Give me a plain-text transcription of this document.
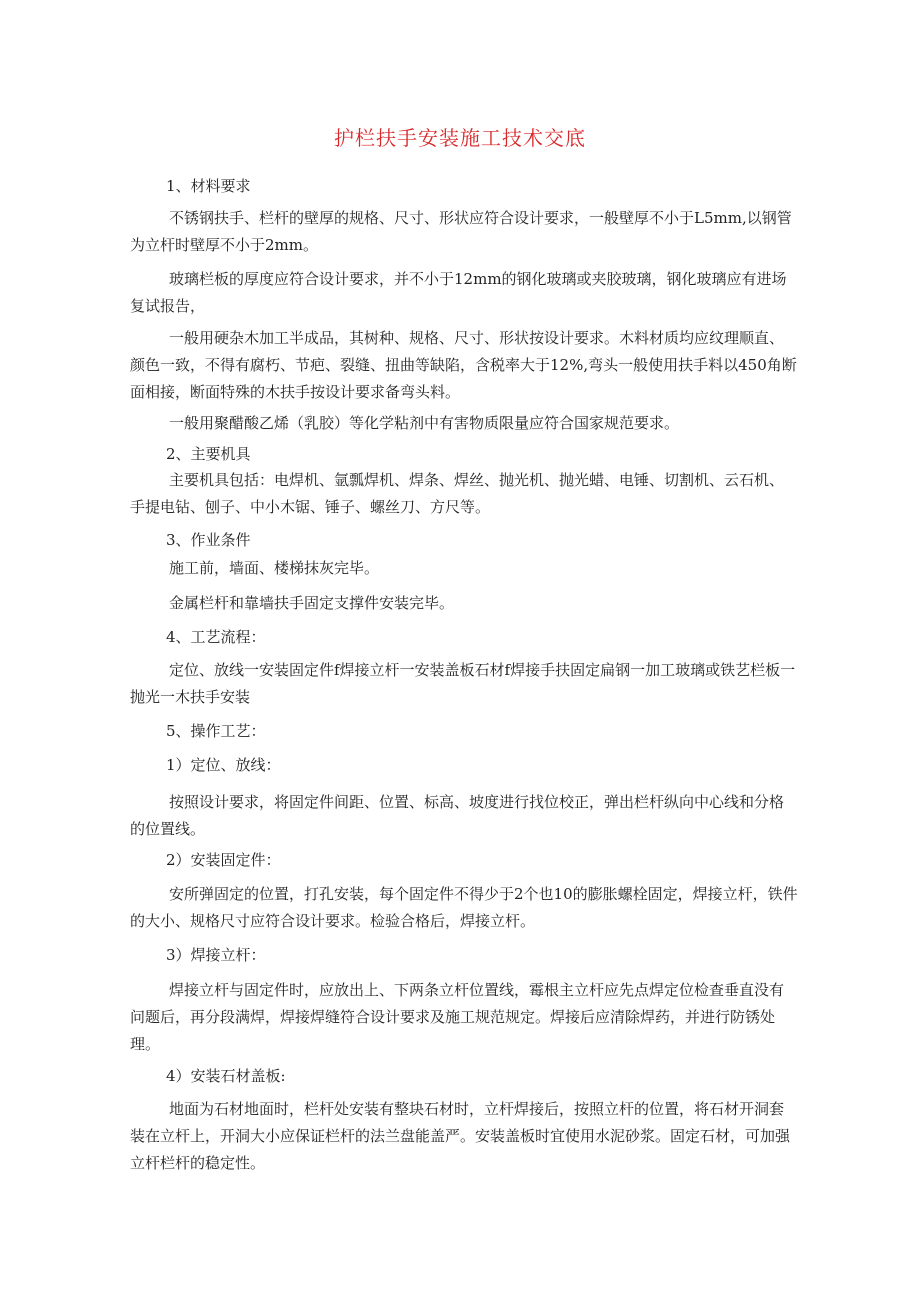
护栏扶手安装施工技术交底

1、材料要求

不锈钢扶手、栏杆的壁厚的规格、尺寸、形状应符合设计要求，一般壁厚不小于L5mm,以钢管为立杆时壁厚不小于2mm。

玻璃栏板的厚度应符合设计要求，并不小于12mm的钢化玻璃或夹胶玻璃，钢化玻璃应有进场复试报告，

一般用硬杂木加工半成品，其树种、规格、尺寸、形状按设计要求。木料材质均应纹理顺直、颜色一致，不得有腐朽、节疤、裂缝、扭曲等缺陷，含税率大于12%,弯头一般使用扶手料以450角断面相接，断面特殊的木扶手按设计要求备弯头料。

一般用聚醋酸乙烯（乳胶）等化学粘剂中有害物质限量应符合国家规范要求。

2、主要机具

主要机具包括：电焊机、氩瓢焊机、焊条、焊丝、抛光机、抛光蜡、电锤、切割机、云石机、手提电钻、刨子、中小木锯、锤子、螺丝刀、方尺等。

3、作业条件

施工前，墙面、楼梯抹灰完毕。

金属栏杆和靠墙扶手固定支撑件安装完毕。

4、工艺流程：

定位、放线一安装固定件f焊接立杆一安装盖板石材f焊接手扶固定扁钢一加工玻璃或铁艺栏板一抛光一木扶手安装

5、操作工艺：

1）定位、放线：

按照设计要求，将固定件间距、位置、标高、坡度进行找位校正，弹出栏杆纵向中心线和分格的位置线。

2）安装固定件：

安所弹固定的位置，打孔安装，每个固定件不得少于2个也10的膨胀螺栓固定，焊接立杆，铁件的大小、规格尺寸应符合设计要求。检验合格后，焊接立杆。

3）焊接立杆：

焊接立杆与固定件时，应放出上、下两条立杆位置线，霉根主立杆应先点焊定位检查垂直没有问题后，再分段满焊，焊接焊缝符合设计要求及施工规范规定。焊接后应清除焊药，并进行防锈处理。

4）安装石材盖板:

地面为石材地面时，栏杆处安装有整块石材时，立杆焊接后，按照立杆的位置，将石材开洞套装在立杆上，开洞大小应保证栏杆的法兰盘能盖严。安装盖板时宜使用水泥砂浆。固定石材，可加强立杆栏杆的稳定性。
